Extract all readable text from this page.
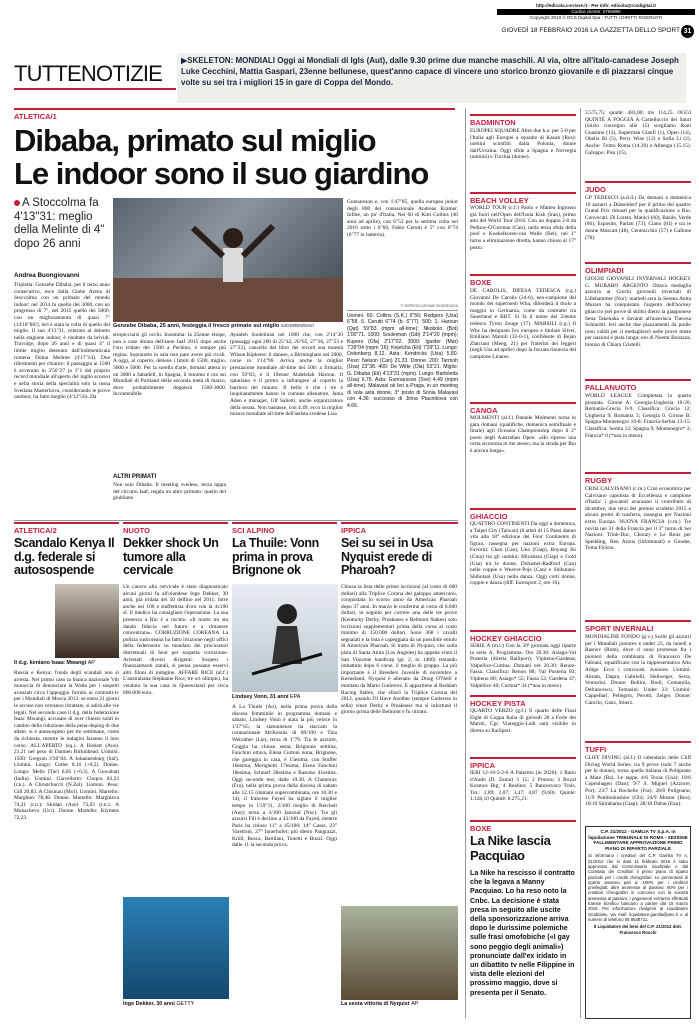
http://edicola.corriere.it - Per info: edicola@rcsdigital.it
Codice cliente: 2766986
Copyright 2010 © RCS Digital Spa - TUTTI I DIRITTI RISERVATI
GIOVEDÌ 18 FEBBRAIO 2016 LA GAZZETTA DELLO SPORT 31
TUTTENOTIZIE
▶SKELETON: MONDIALI Oggi ai Mondiali di Igls (Aut), dalle 9.30 prime due manche maschili. Al via, oltre all'italo-canadese Joseph Luke Cecchini, Mattia Gaspari, 23enne bellunese, quest'anno capace di vincere uno storico bronzo giovanile e di piazzarsi cinque volte su sei tra i migliori 15 in gare di Coppa del Mondo.
ATLETICA/1
Dibaba, primato sul miglio
Le indoor sono il suo giardino
A Stoccolma fa 4'13"31: meglio della Melinte di 4" dopo 26 anni
Andrea Buongiovanni
Tripletta: Genzebe Dibaba, per il terzo anno consecutivo, esce dalla Globe Arena di Stoccolma con un primato del mondo indoor: nel 2014 fu quello dei 3000, con un progresso di 7", nel 2015 quello dei 5000, con un miglioramento di quasi 7" (14'18"86!), ieri è stata la volta di quello del miglio. Il suo 4'13"31, centrato al debutto nella stagione indoor, è risultato da brividi. Travolge, dopo 26 anni e di quasi 4" il limite miglio detenuto dall'indimenticata romena Doina Melinte (4'17"14). Due riferimenti per chiarire: il passaggio ai 1500 è avvenuto in 3'56"27 (a 1"1 dal proprio record mondiale all'aperto del luglio scorso) e nella storia della specialità solo la russa Svetlana Masterkova, considerando le prove outdoor, ha fatto meglio (4'12"56). Da
Genzebe Dibaba, 25 anni, festeggia il fresco primato sul miglio SJOGREN/SAVI
stropicciarsi gli occhi. Insomma: la 25enne etiope, non a caso donna dell'anno Iaaf 2015 dopo anche l'oro iridato dei 1500 a Pechino, è sempre più regina. Sopratutto in sala non pare avere più rivali. A oggi, al coperto, detiene i limiti di 1500, miglio, 3000 e 5000. Per la sorella d'arte, domani attesa in un 3000 a Sabadell, in Spagna, il minimo è ora sui Mondiali di Portland della seconda metà di marzo, dove probabilmente doppierà 1500-3000. Incontenibile.
ALTRI PRIMATI
Non solo Dibaba. Il meeting svedese, terza tappa del circuito Iaaf, regala un altro primato: quello del giubilano
Ayanleh Souleiman nei 1000 che, con 2'14"20 (passaggi ogni 200 di 25"42, 26"65, 27"36, 27"53 e 27"23), cancella dal libro dei record sua maestà Wilson Kipketer: il danese, a Birmingham nel 2000, corse in 1'14"96. Arriva anche la miglior prestazione mondiale all-time dei 500: a firmarla, con 59"83, è il 19enne Abdelelah Haroun. Il qatariano è il primo a infrangere al coperto la barriera del minuto. Il bello è che i tre è inopinatamente hanno in comune allenatore, Jama Aden e manager, Ulf Salietti, anche organizzatore della serata. Non bastasse, con 4.49, ecco la miglior misura mondiale all-time dell'astista svedese Lisa
Gunnarsson e, con 1'47"85, quella europea junior degli 800 del connazionale Andreas Kramer. Infine, un po' d'Italia. Nei 60 di Kim Collins (40 anni ad aprile), con 6"53 per la settima volta nel 2016 sotto i 6"60, Fabio Cerutti è 5° con 6"74 (6"77 in batteria).
© RIPRODUZIONE RISERVATA
Uomini. 60: Collins (S.K.) 6"56; Rodgers (Usa) 6"58. 5. Cerutti 6"74 (b. 6"77). 500: 1. Haroun (Qat) 59"83 (mpm all-time); Nkobolo (Bot) 1'00"71. 1000: Souleiman (Gib) 2'14"20 (mpm); Kupers (Ola) 2'17"02. 3000: Iguider (Mar) 7'39"04 (mpm '16); Kejelcha (Eti) 7'39"11. Lungo: Ostenberg 8,12. Asta: Kendricks (Usa) 5,80. Peso: Nelson (Can) 21,33. Donne. 200: Tarmoh (Usa) 23"38. 400: De Witte (Ola) 53"21. Miglio: G. Dibaba (Eti) 4'13"31 (mpm). Lungo: Bartoletta (Usa) 6,75. Asta: Gunnarsson (Sve) 4,49 (mpm all-time). Malavasi ok Ieri a Praga, in un meeting di sola asta donne, 3° posto di Sonia Malavasi con 4.36: successo di Jirina Ptacnikova con 4.66.
ATLETICA/2
Scandalo Kenya Il d.g. federale si autosospende
Il d.g. keniano Isaac Mwangi AP
Russia e Kenya: l'onda degli scandali non si arresta. Nel primo caso la bianca nazionale Vtb minaccia di denunciare la Wada per i sospetti avanzati circa l'appoggio fornito ai contratti-tv per i Mondiali di Mosca 2013: se entro 21 giorni le accuse non verranno ritrattate, si adirà alle vie legali. Nel secondo caso il d.g. della federazione Isaac Mwangi, accusato di aver chiesto soldi in cambio della riduzione della pena-doping di due atlete, si è autosospeso per tre settimane, come da richiesta, mentre le indagini faranno il loro corso. ALL'APERTO (sq.). A Hobart (Aus). 21.21 nel peso di Damien Birkinhead. Uomini. 1500: Gregson 3'36"84. A Johannesburg (Saf). Uomini. Lungo: Cotter 8,16 (+0,2). Donne. Lungo: Mells (Tur) 6,85 (+0,3). A Guwahati (India). Uomini. Giavellotto: Chopra 82,23 (r.n.). A Christchurch (N.Zel). Uomini. Peso: Gill 20,83. A Chisinau (Mol). Uomini. Martello: Marghiev 78,48. Donne. Martello: Marghieva 74,21 (r.n.); Skidan (Aze) 73,03 (r.n.). A Mukachevo (Ucr). Donne. Martello: Klymets 72,23.
NUOTO
Dekker shock Un tumore alla cervicale
Un cancro alla cervicale è stato diagnosticato alcuni giorni fa all'olandese Inge Dekker, 30 anni, già iridata dei 50 delfino nel 2011, forte anche nei 100 e staffettista d'oro con la 4x100 sl. Il medico ha consigliato l'operazione. La sua presenza a Rio è a rischio. «Il nuoto mi sta dando fiducia nel futuro e a rimanere concentrata». CORRUZIONE COREANA La polizia sudcoreana ha fatto irruzione negli uffici della federnuoto su mandato dei procuratori distrettuali di Seul per sospetta corruzione. Arrestati diversi dirigenti. Sospesi i finanziamenti statali, si pensa possano esservi altri filoni di indagine. AFFARE RICE (al.f.) L'australiana Stephanie Rice, tre ori olimpici, ha venduto la sua casa in Queensland per circa 800.000 euro.
Inge Dekker, 30 anni GETTY
SCI ALPINO
La Thuile: Vonn prima in prova Brignone ok
Lindsey Vonn, 31 anni EPA
A La Thuile (Ao), nella prima prova della discesa femminile in programma domani e sabato, Lindsey Vonn è stata la più veloce in 1'37"65; la statunitense ha staccato la connazionale McKennis di 89/100 e Tina Weirather (Lie), terza di 1"79. Tra le azzurre, Goggia ha chiuso sesta, Brignone settima, Fanchini ottava, Elena Curtoni nona; Brignone, che gareggia in casa, è 15esima, con Stuffer 16esima, Merighetti 17esima, Elena Fanchini 18esima, Schnarf 28esima e Bassino 41esima. Oggi secondo test, dalle 10.30. A Chamonix (Fra), nella prima prova della discesa di sabato alle 12.15 (domani supercombinata, ore 10.30 e 14), il francese Fayed ha siglato il miglior tempo in 1'59"11, 2/100 meglio di Reichelt (Aut); terzo a 3/100 Jansrud (Nor). Tra gli azzurri Fill è decimo a 43/100 da Fayed, mentre Paris ha chiuso 11° a 45/100; 14° Casse, 23° Varettoni, 27° Innerhofer; più dietro Pangrazzi, Kröll, Bosca, Battilani, Tonetti e Buzzi. Oggi dalle 11 la seconda prova.
IPPICA
Sei su sei in Usa Nyquist erede di Pharoah?
Chiusa la lista delle prime iscrizioni (al costo di 600 dollari) alla Triplice Corona del galoppo americano, conquistata lo scorso anno da American Pharoah dopo 37 anni. In marzo le conferme al costo di 6.000 dollari, in seguito per correre una delle tre prove (Kentucky Derby, Preakness e Belmont Stakes) solo iscrizioni supplementari prima della corsa al costo minimo di 150.000 dollari. Sono 368 i cavalli segnalati e la lista è capeggiata da un possibile emulo di American Pharoah. Si tratta di Nyquist, che sulla pista di Santa Anita (Los Angeles) ha appena vinto il San Vincente handicap (gr. 2, m 1400) restando imbattuto dopo 6 corse, il meglio di gruppo. La più importante è il Breeders Juvenile di novembre a Keeneland. Nyquist è allenato da Doug O'Neill e montato da Mario Gutierrez. E appartiene al Reddam Racing Stable, che sfiorò la Triplice Corona del 2012, quando I'll Have Another (sempre Gutierrez in sella) vinse Derby e Preakness ma si infortunò il giorno prima delle Belmont e fu ritirato.
La sesta vittoria di Nyquist AP
BADMINTON
EUROPEI SQUADRE Altre due k.o. per 5-0 per l'Italia agli Europei a squadre di Kazan (Rus): uomini sconfitti dalla Polonia, donne dall'Ucraina. Oggi sfide a Spagna e Norvegia (uomini) e Turchia (donne).
BEACH VOLLEY
WORLD TOUR (c.f.) Paolo e Matteo Ingrosso già fuori nell'Open dell'Isola Kish (Iran), primo atto del World Tour 2016. Con un doppio 2-0 da Pedlow-O'Gorman (Can), nella terza sfida della pool e Koekelkoren-van Walle (Bel), nel 1° turno a eliminazione diretta, hanno chiuso al 17° posto.
BOXE
DE CAROLIS, DIFESA TEDESCA (r.g.) Giovanni De Carolis (24-6), neo-campione del mondo dei supermedi Wba, difenderà il titolo a maggio in Germania, come da contratto tra Sauerland e BBT. Si fa il nome del 23enne tedesco Tyron Zeuge (17). MARSILI (r.g.) Il Wbc ha designato l'ex europeo e titolare Silver, Emiliano Marsili (32-0-1), confidente di Bejan Zlatciani (Meeg, 21) per l'interim dei leggeri (negli Usa ad aprile) dopo la forzata rinuncia del campione Linares.
CANOA
MOLMENTI (al.f.) Daniele Molmenti torna in gara domani (qualifiche, domenica semifinale e finale) agli Oceania Championship dopo il 2° posto degli Australian Open: «Ho ripreso una certa sicurezza in me stesso, ma la strada per Rio è ancora lunga».
GHIACCIO
QUATTRO CONTINENTI Da oggi a domenica, a Taipei City (Taiwan) (8 atleti di 15 Paesi danno vita alla 18° edizione dei Four Continents di figura, rassegna per nazioni extra Europa. Favoriti: Chan (Can), Uno (Giap), Boyang Jin (Cina) tra gli uomini; Miyahara (Giap) e Gold (Usa) tra le donne, Duhamel-Radford (Can) nelle coppie e Weaver-Poje (Can) e Shibutani-Shibutani (Usa) nella danza. Oggi corti donne, coppie e danza (diff. Eurosport 2, ore 16).
HOCKEY GHIACCIO
SERIE A (m.l.) Con la 39ª giornata oggi riparte la serie A. Programma. Ore 20.30: Asiago-Val Pusteria (diretta RaiSport); Vipiteno-Gardena; Valpellice-Cortina. Domani ore 20.30: Renon-Fassa. Classifica: Renon 88; Val Pusteria 83; Vipiteno 80; Asiago* 55; Fassa 52; Gardena 47; Valpellice 40; Cortina* 34 (*una in meno).
HOCKEY PISTA
QUARTO VERZO (g.f.) Il quarto delle Final Eight di Coppa Italia di giovedì 28 a Forte dei Marmi, Cgc Viareggio-Lodi sarà visibile in diretta su RaiSport.
IPPICA
IERI 12-10-5-2-6 A Palermo (in 2020): 1 Ratio d'Audo (D. Zaino) 3 15; 2 Prunus; 3 Royal Kosmos Big; 4 Realino; 5 Rancesvoro Trois. Tot.: 2,89; 2,07; 3,47; 4,87 (9,60). Quintè: 1.128,10 Quintè: 8.275,21.
BOXE
La Nike lascia Pacquiao
La Nike ha rescisso il contratto che la legava a Manny Pacquiao. Lo ha reso noto la Cnbc. La decisione è stata presa in seguito alle uscite della sponsorizzazione arriva dopo le durissime polemiche sulle frasi omofobiche («I gay sono peggio degli animali») pronunciate dall'ex iridato in un dibattito tv nelle Filippine in vista delle elezioni del prossimo maggio, dove si presenta per il Senato.
3.575,75; quartè: 483,00; tris 114,25. OGGI QUINTÉ A FOGGIA A Castelluccio dei Sauri (inizio convegno alle 15) scegliamo Rom Guasimo (13), Superman Gianfi (1), Open (14), Obelix Bi (5), Perry Wise (12) e Sofia Li (2). Anche: Trotto Roma (14.30) e Albenga (15.15). Galoppo: Pisa (15).
JUDO
GP TEDESCO (a.d.d.) Da domani a domenica 10 azzurri a Düsseldorf per il primo del quattro Grand Prix rimasti per la qualificazione a Rio. Convocati: Di Loreto, Manici (60), Basile, Verde (66), Esposito, Parlati (73), Ciano (81) e tra le donne Moscatt (48), Centracchio (57) e Gallone (78).
OLIMPIADI
GIOCHI GIOVANILI INVERNALI HOCKEY G. MURARO ARGENTO Ottava medaglia azzurra ai Giochi giovanili invernali di Lillehammer (Nor): martedì sera la Serena Anita Muraro ha conquistato l'argento dell'hockey ghiaccio (sei prove di skills) dietro la giapponese Sena Takenaka e davanti all'austriaca Theresa Schlachtl. Ieri anche due piazzamenti da podio (non validi per il medagliere) nelle prove miste per nazioni e pista lunga: oro di Noemi Bonazza, bronzo di Chiara Cristelli.
PALLANUOTO
WORLD LEAGUE Completata la quarta giornata. Girone A: Georgia-Ungheria 10-20; Romania-Grecia 6-9. Classifica: Grecia 12; Ungheria 9; Romania 3; Georgia 0. Girone B: Spagna-Montenegro 10-8; Francia-Serbia 13-15. Classifica: Serbia 12; Spagna 9; Montenegro* 3; Francia* 0 (*una in meno).
RUGBY
CRISI CALVISANO (c.m.) Crisi economica per Calvisano capolista di Eccellenza e campione d'Italia: i giocatori avanzano il contributo di dicembre, due terzi del premio scudetto 2015 e alcuni premi di trasferta, rassegna per Nazioni extra Europa. NUOVA FRANCIA (c.m.) Tre novità nei 31 della Francia per il 3° turno di Sei Nazioni: Trinh-Duc, Chouzy e Le Roux per Spedding, Ben Arous (infortunati) e Gouder, Toma Fickou.
SPORT INVERNALI
MONDIALINE FONDO (g.v.) Scelti gli azzurri per i Mondiali juniores e under 23, da lunedì a Rasnov (Rom), dove ci sono promesse fra i pionieri della combinata di Francesco De Fabiani, squalificato con la rappresentativa Alto Adige. Ecco i convocati. Juniores. Uomini: Abram, Dapra, Gabrielli, Hellweger, Serra, Venturini. Donne: Bellini, Brell, Comarella, Defrancesco, Tomasini. Under 23: Uomini: Cappellari, Pellegrin, Perotti, Zelger. Donne: Cancilo, Ganz, Stuerz.
TUFFI
CLIFF DIVING (al.f.) Il calendario delle Cliff Diving World Series: tra 9 prove (solo 7 anche per le donne), torna quella italiana di Polignano a Mare (Ba). Le tappe. 4/6 Texas (Usa); 18/6 Copenhagen (Dan); 9/7 S. Miguel (Azzorre, Por); 23/7 La Rochelle (Fra); 28/8 Polignano; 11/9 Pembrokeshire (Gb); 24/9 Mostar (Bos); 16/10 Shirahama (Giap); 28/10 Dubai (Eau).
C.P. 21/2012 - GAMLIA TV S.p.A. in liquidazione TRIBUNALE DI ROMA - SEZIONE FALLIMENTARE APPROVAZIONE PRIMO PIANO DI RIPARTO PARZIALE
Si informano i creditori del C.P. Gamlia TV n. 21/2012 che in data 11 febbraio 2016 è stato approvato dal Commissario Giudiziale e dal Comitato dei Creditori il primo piano di riparto parziale per i crediti chirografari. Le percentuali di riparto saranno pari a: 100% per i creditori privilegiati; altre ammesse al passivo; 80% per i creditori chirografari in concorso con la società ammessa al passivo; I pagamenti verranno effettuati tramite bonifico bancario a partire dal 15 marzo 2016. Per informazioni rivolgersi al Liquidatore Giudiziale, via mail: liquidatore.gamlia@pec.it o al numero di telefono 06 8548711.
Il Liquidatore dei beni del C.P. 21/2012 dott. Francesco Rocchi
